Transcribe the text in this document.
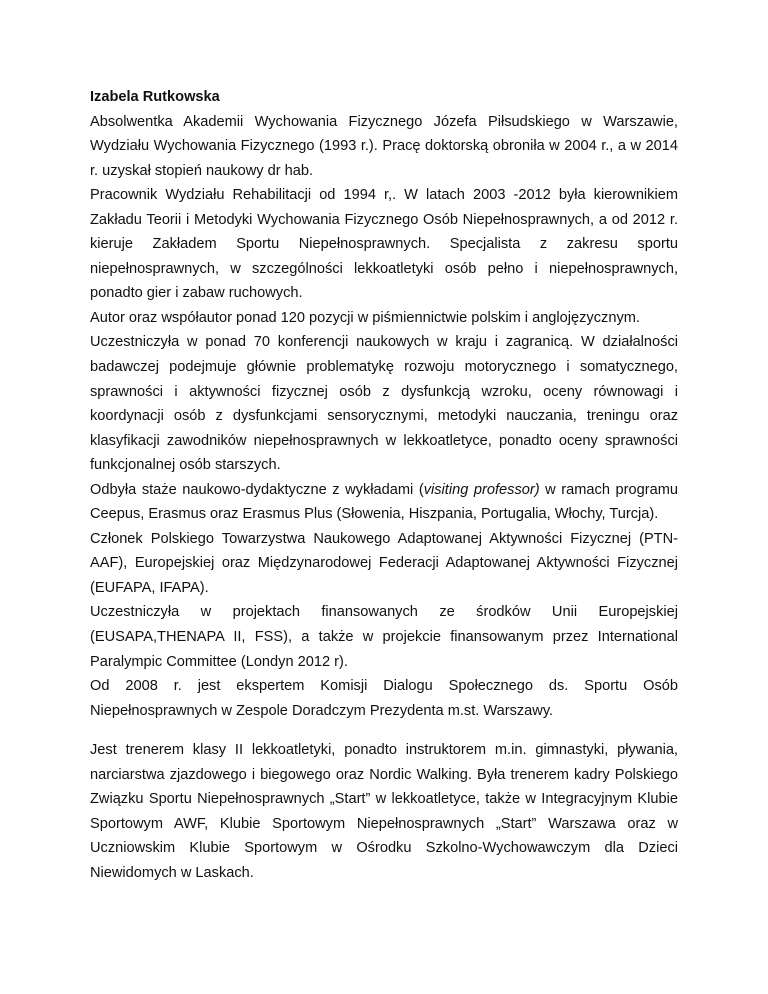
Izabela Rutkowska

Absolwentka Akademii Wychowania Fizycznego Józefa Piłsudskiego w Warszawie, Wydziału Wychowania Fizycznego (1993 r.). Pracę doktorską obroniła w 2004 r., a w 2014 r. uzyskał stopień naukowy dr hab.

Pracownik Wydziału Rehabilitacji od 1994 r,. W latach 2003 -2012 była kierownikiem Zakładu Teorii i Metodyki Wychowania Fizycznego Osób Niepełnosprawnych, a od 2012 r. kieruje Zakładem Sportu Niepełnosprawnych. Specjalista z zakresu sportu niepełnosprawnych, w szczególności lekkoatletyki osób pełno i niepełnosprawnych, ponadto gier i zabaw ruchowych.

Autor oraz współautor ponad 120 pozycji w piśmiennictwie polskim i anglojęzycznym.

Uczestniczyła w ponad 70 konferencji naukowych w kraju i zagranicą. W działalności badawczej podejmuje głównie problematykę rozwoju motorycznego i somatycznego, sprawności i aktywności fizycznej osób z dysfunkcją wzroku, oceny równowagi i koordynacji osób z dysfunkcjami sensorycznymi, metodyki nauczania, treningu oraz klasyfikacji zawodników niepełnosprawnych w lekkoatletyce, ponadto oceny sprawności funkcjonalnej osób starszych.

Odbyła staże naukowo-dydaktyczne z wykładami (visiting professor) w ramach programu Ceepus, Erasmus oraz Erasmus Plus (Słowenia, Hiszpania, Portugalia, Włochy, Turcja).

Członek Polskiego Towarzystwa Naukowego Adaptowanej Aktywności Fizycznej (PTN-AAF), Europejskiej oraz Międzynarodowej Federacji Adaptowanej Aktywności Fizycznej (EUFAPA, IFAPA).

Uczestniczyła w projektach finansowanych ze środków Unii Europejskiej (EUSAPA,THENAPA II, FSS), a także w projekcie finansowanym przez International Paralympic Committee (Londyn 2012 r).

Od 2008 r. jest ekspertem Komisji Dialogu Społecznego ds. Sportu Osób Niepełnosprawnych w Zespole Doradczym Prezydenta m.st. Warszawy.

Jest trenerem klasy II lekkoatletyki, ponadto instruktorem m.in. gimnastyki, pływania, narciarstwa zjazdowego i biegowego oraz Nordic Walking. Była trenerem kadry Polskiego Związku Sportu Niepełnosprawnych „Start” w lekkoatletyce, także w Integracyjnym Klubie Sportowym AWF, Klubie Sportowym Niepełnosprawnych „Start” Warszawa oraz w Uczniowskim Klubie Sportowym w Ośrodku Szkolno-Wychowawczym dla Dzieci Niewidomych w Laskach.
